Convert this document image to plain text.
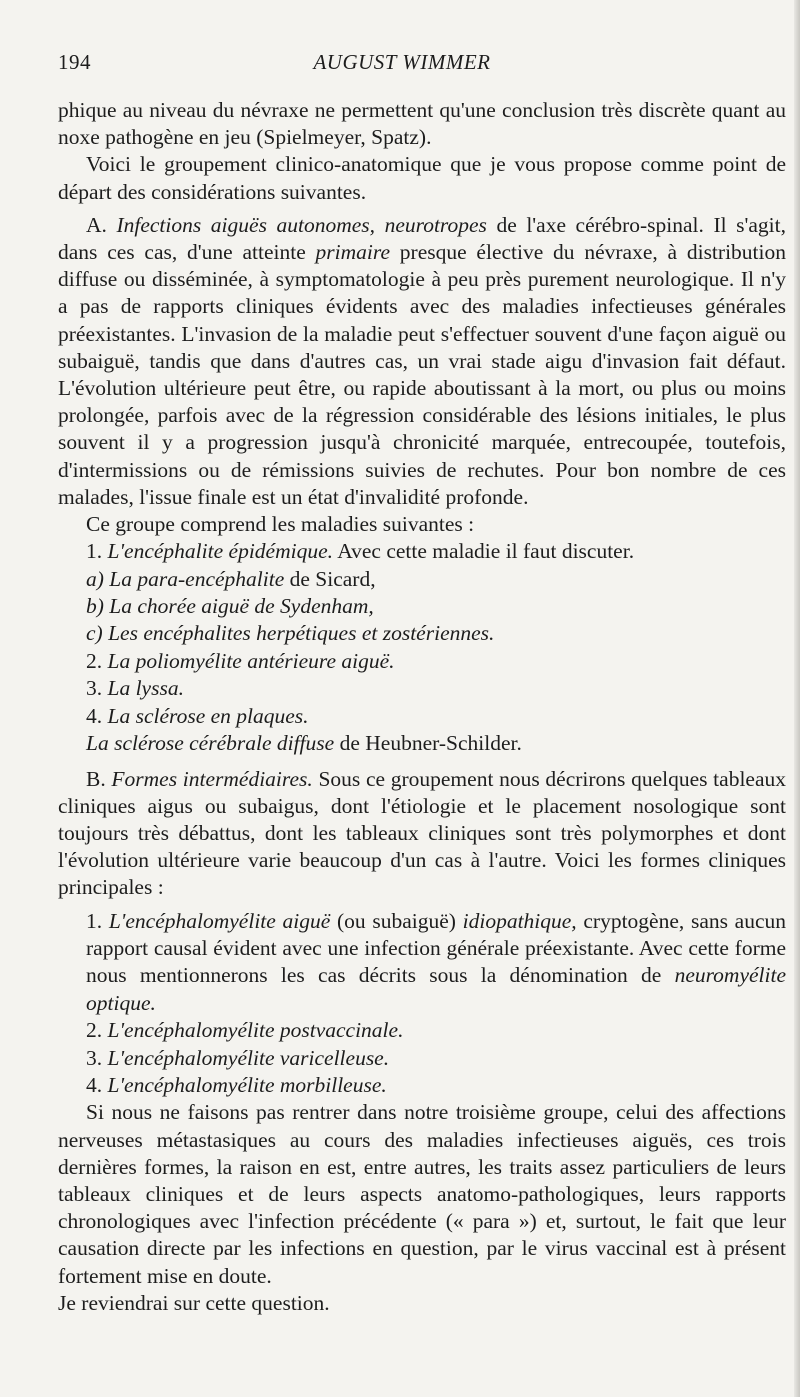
194	AUGUST WIMMER

phique au niveau du névraxe ne permettent qu'une conclusion très discrète quant au noxe pathogène en jeu (Spielmeyer, Spatz).

Voici le groupement clinico-anatomique que je vous propose comme point de départ des considérations suivantes.

A. Infections aiguës autonomes, neurotropes de l'axe cérébro-spinal. Il s'agit, dans ces cas, d'une atteinte primaire presque élective du névraxe, à distribution diffuse ou disséminée, à symptomatologie à peu près purement neurologique. Il n'y a pas de rapports cliniques évidents avec des maladies infectieuses générales préexistantes. L'invasion de la maladie peut s'effectuer souvent d'une façon aiguë ou subaiguë, tandis que dans d'autres cas, un vrai stade aigu d'invasion fait défaut. L'évolution ultérieure peut être, ou rapide aboutissant à la mort, ou plus ou moins prolongée, parfois avec de la régression considérable des lésions initiales, le plus souvent il y a progression jusqu'à chronicité marquée, entrecoupée, toutefois, d'intermissions ou de rémissions suivies de rechutes. Pour bon nombre de ces malades, l'issue finale est un état d'invalidité profonde.

Ce groupe comprend les maladies suivantes :

1. L'encéphalite épidémique. Avec cette maladie il faut discuter.
a) La para-encéphalite de Sicard,
b) La chorée aiguë de Sydenham,
c) Les encéphalites herpétiques et zostériennes.
2. La poliomyélite antérieure aiguë.
3. La lyssa.
4. La sclérose en plaques.
La sclérose cérébrale diffuse de Heubner-Schilder.

B. Formes intermédiaires. Sous ce groupement nous décrirons quelques tableaux cliniques aigus ou subaigus, dont l'étiologie et le placement nosologique sont toujours très débattus, dont les tableaux cliniques sont très polymorphes et dont l'évolution ultérieure varie beaucoup d'un cas à l'autre. Voici les formes cliniques principales :

1. L'encéphalomyélite aiguë (ou subaiguë) idiopathique, cryptogène, sans aucun rapport causal évident avec une infection générale préexistante. Avec cette forme nous mentionnerons les cas décrits sous la dénomination de neuromyélite optique.
2. L'encéphalomyélite postvaccinale.
3. L'encéphalomyélite varicelleuse.
4. L'encéphalomyélite morbilleuse.

Si nous ne faisons pas rentrer dans notre troisième groupe, celui des affections nerveuses métastasiques au cours des maladies infectieuses aiguës, ces trois dernières formes, la raison en est, entre autres, les traits assez particuliers de leurs tableaux cliniques et de leurs aspects anatomo-pathologiques, leurs rapports chronologiques avec l'infection précédente (« para ») et, surtout, le fait que leur causation directe par les infections en question, par le virus vaccinal est à présent fortement mise en doute.

Je reviendrai sur cette question.
